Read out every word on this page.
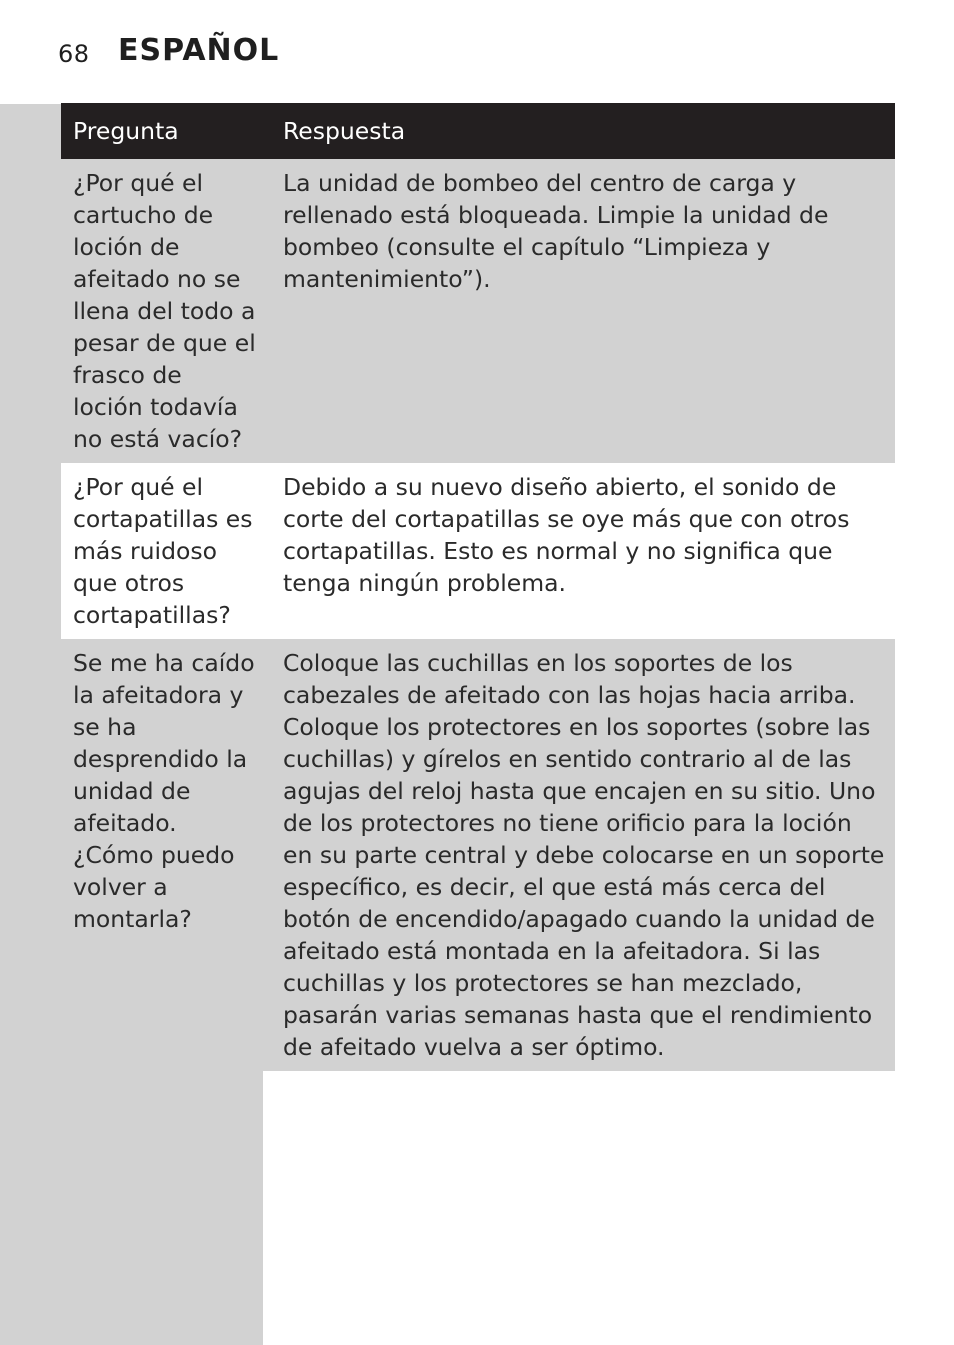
68 ESPAÑOL
Pregunta	Respuesta
¿Por qué el cartucho de loción de afeitado no se llena del todo a pesar de que el frasco de loción todavía no está vacío?	La unidad de bombeo del centro de carga y rellenado está bloqueada. Limpie la unidad de bombeo (consulte el capítulo “Limpieza y mantenimiento”).
¿Por qué el cortapatillas es más ruidoso que otros cortapatillas?	Debido a su nuevo diseño abierto, el sonido de corte del cortapatillas se oye más que con otros cortapatillas. Esto es normal y no significa que tenga ningún problema.
Se me ha caído la afeitadora y se ha desprendido la unidad de afeitado. ¿Cómo puedo volver a montarla?	Coloque las cuchillas en los soportes de los cabezales de afeitado con las hojas hacia arriba. Coloque los protectores en los soportes (sobre las cuchillas) y gírelos en sentido contrario al de las agujas del reloj hasta que encajen en su sitio. Uno de los protectores no tiene orificio para la loción en su parte central y debe colocarse en un soporte específico, es decir, el que está más cerca del botón de encendido/apagado cuando la unidad de afeitado está montada en la afeitadora. Si las cuchillas y los protectores se han mezclado, pasarán varias semanas hasta que el rendimiento de afeitado vuelva a ser óptimo.
